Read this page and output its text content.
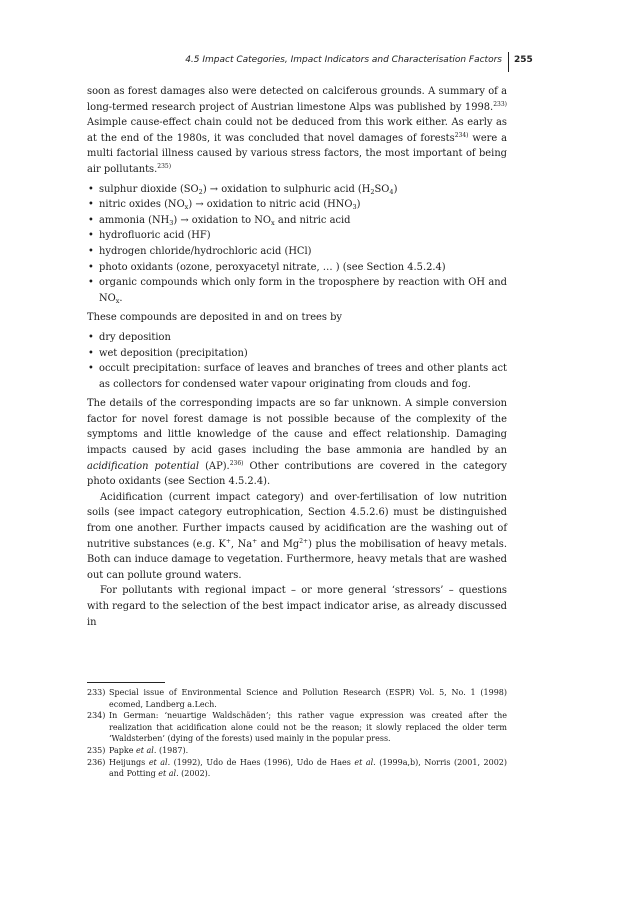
4.5 Impact Categories, Impact Indicators and Characterisation Factors 255

soon as forest damages also were detected on calciferous grounds. A summary of a long-termed research project of Austrian limestone Alps was published by 1998.$^{233)}$ Asimple cause-effect chain could not be deduced from this work either. As early as at the end of the 1980s, it was concluded that novel damages of forests$^{234)}$ were a multi factorial illness caused by various stress factors, the most important of being air pollutants.$^{235)}$

• sulphur dioxide $(SO_2)$ → oxidation to sulphuric acid $(H_2SO_4)$
• nitric oxides $(NO_x)$ → oxidation to nitric acid $(HNO_3)$
• ammonia $(NH_3)$ → oxidation to $NO_x$ and nitric acid
• hydrofluoric acid (HF)
• hydrogen chloride/hydrochloric acid (HCl)
• photo oxidants (ozone, peroxyacetyl nitrate, … ) (see Section 4.5.2.4)
• organic compounds which only form in the troposphere by reaction with OH and $NO_x$.

These compounds are deposited in and on trees by

• dry deposition
• wet deposition (precipitation)
• occult precipitation: surface of leaves and branches of trees and other plants act as collectors for condensed water vapour originating from clouds and fog.

The details of the corresponding impacts are so far unknown. A simple conversion factor for novel forest damage is not possible because of the complexity of the symptoms and little knowledge of the cause and effect relationship. Damaging impacts caused by acid gases including the base ammonia are handled by an acidification potential (AP).$^{236)}$ Other contributions are covered in the category photo oxidants (see Section 4.5.2.4).

Acidification (current impact category) and over-fertilisation of low nutrition soils (see impact category eutrophication, Section 4.5.2.6) must be distinguished from one another. Further impacts caused by acidification are the washing out of nutritive substances (e.g. K+, Na+ and $Mg^{2+}$) plus the mobilisation of heavy metals. Both can induce damage to vegetation. Furthermore, heavy metals that are washed out can pollute ground waters.

For pollutants with regional impact – or more general ‘stressors’ – questions with regard to the selection of the best impact indicator arise, as already discussed in

233) Special issue of Environmental Science and Pollution Research (ESPR) Vol. 5, No. 1 (1998) ecomed, Landberg a.Lech.
234) In German: ‘neuartige Waldschäden’; this rather vague expression was created after the realization that acidification alone could not be the reason; it slowly replaced the older term ‘Waldsterben’ (dying of the forests) used mainly in the popular press.
235) Papke et al. (1987).
236) Heijungs et al. (1992), Udo de Haes (1996), Udo de Haes et al. (1999a,b), Norris (2001, 2002) and Potting et al. (2002).
